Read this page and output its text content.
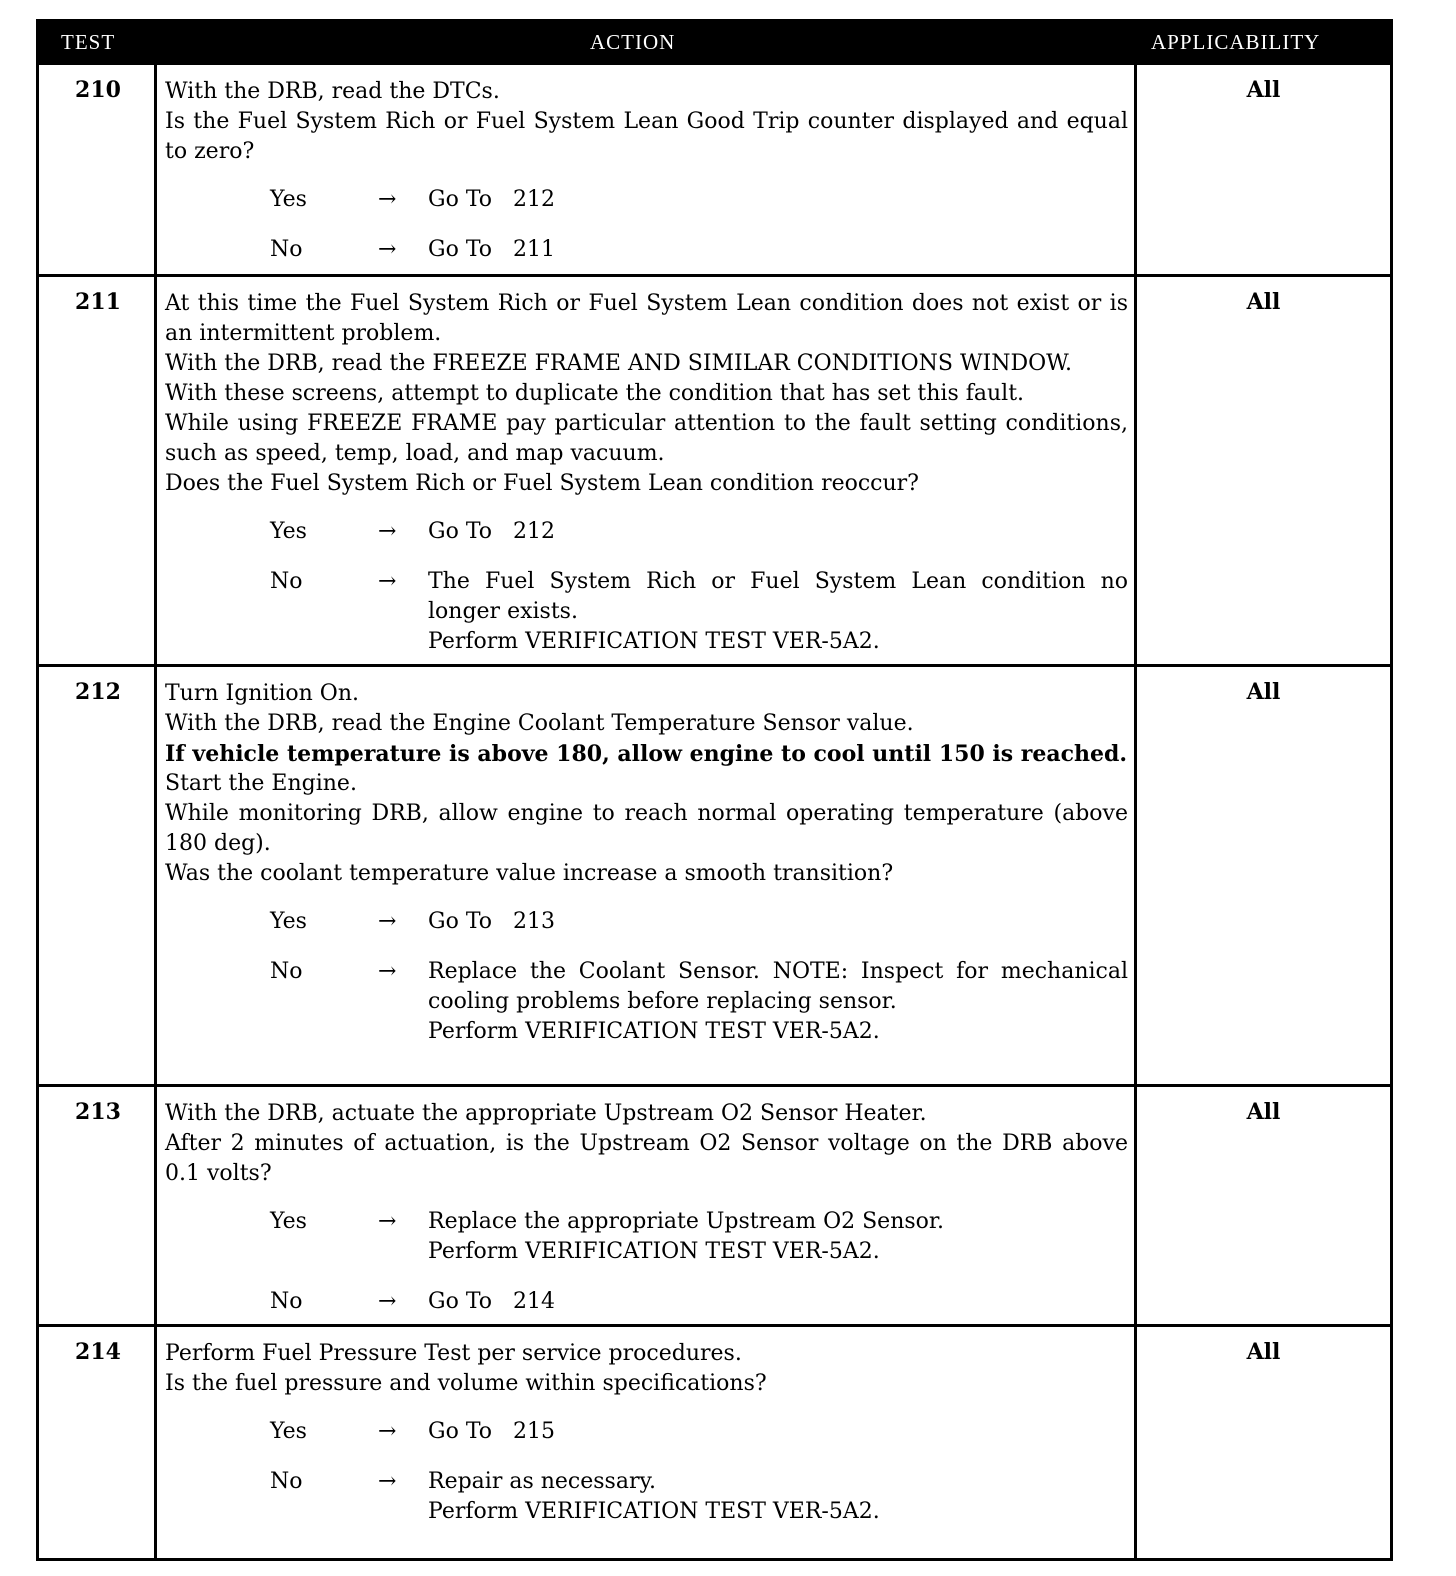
TEST	ACTION	APPLICABILITY
210	With the DRB, read the DTCs.

Is the Fuel System Rich or Fuel System Lean Good Trip counter displayed and equal to zero?

Yes	→	Go To   212
No	→	Go To   211
All
211	At this time the Fuel System Rich or Fuel System Lean condition does not exist or is an intermittent problem.

With the DRB, read the FREEZE FRAME AND SIMILAR CONDITIONS WINDOW.

With these screens, attempt to duplicate the condition that has set this fault.

While using FREEZE FRAME pay particular attention to the fault setting conditions, such as speed, temp, load, and map vacuum.

Does the Fuel System Rich or Fuel System Lean condition reoccur?

Yes	→	Go To   212
No	→	The Fuel System Rich or Fuel System Lean condition no longer exists.
Perform VERIFICATION TEST VER-5A2.
All
212	Turn Ignition On.

With the DRB, read the Engine Coolant Temperature Sensor value.

If vehicle temperature is above 180, allow engine to cool until 150 is reached.

Start the Engine.

While monitoring DRB, allow engine to reach normal operating temperature (above 180 deg).

Was the coolant temperature value increase a smooth transition?

Yes	→	Go To   213
No	→	Replace the Coolant Sensor. NOTE: Inspect for mechanical cooling problems before replacing sensor.
Perform VERIFICATION TEST VER-5A2.
All
213	With the DRB, actuate the appropriate Upstream O2 Sensor Heater.

After 2 minutes of actuation, is the Upstream O2 Sensor voltage on the DRB above 0.1 volts?

Yes	→	Replace the appropriate Upstream O2 Sensor.
Perform VERIFICATION TEST VER-5A2.
No	→	Go To   214
All
214	Perform Fuel Pressure Test per service procedures.

Is the fuel pressure and volume within specifications?

Yes	→	Go To   215
No	→	Repair as necessary.
Perform VERIFICATION TEST VER-5A2.
All
